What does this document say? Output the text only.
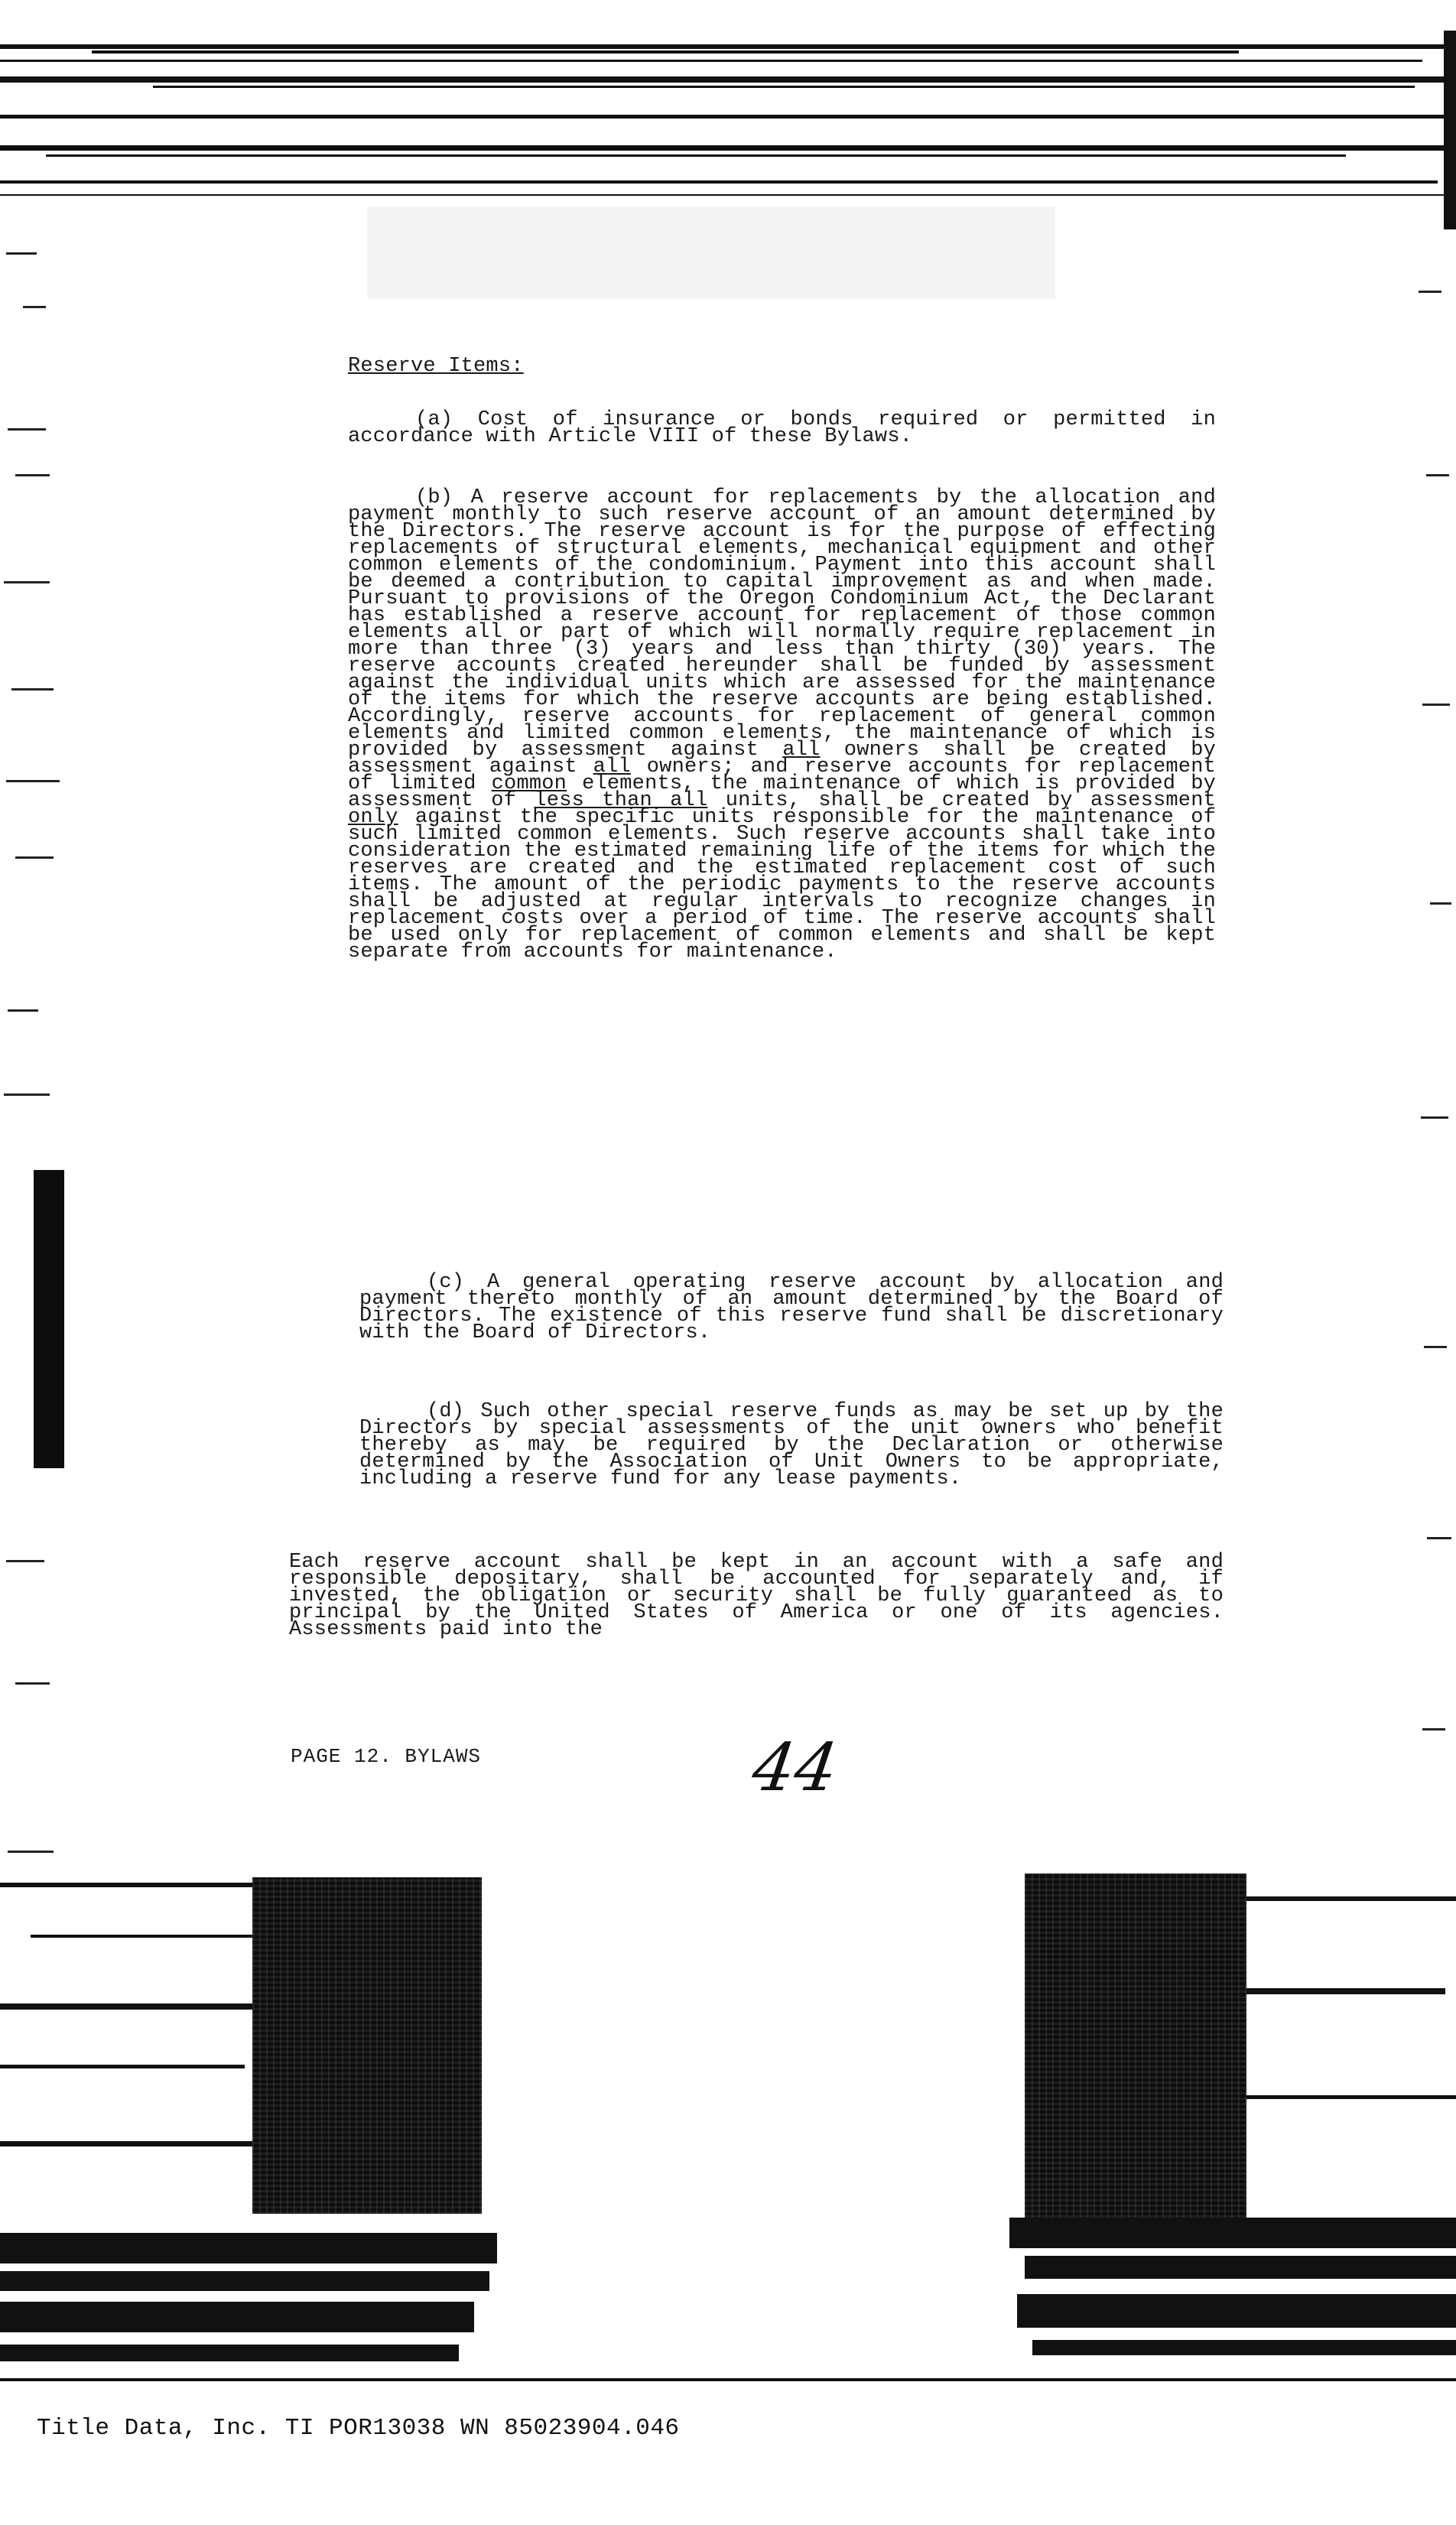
Reserve Items:
(a) Cost of insurance or bonds required or permitted in accordance with Article VIII of these Bylaws.
(b) A reserve account for replacements by the allocation and payment monthly to such reserve account of an amount determined by the Directors. The reserve account is for the purpose of effecting replacements of structural elements, mechanical equipment and other common elements of the condominium. Payment into this account shall be deemed a contribution to capital improvement as and when made. Pursuant to provisions of the Oregon Condominium Act, the Declarant has established a reserve account for replacement of those common elements all or part of which will normally require replacement in more than three (3) years and less than thirty (30) years. The reserve accounts created hereunder shall be funded by assessment against the individual units which are assessed for the maintenance of the items for which the reserve accounts are being established. Accordingly, reserve accounts for replacement of general common elements and limited common elements, the maintenance of which is provided by assessment against all owners shall be created by assessment against all owners; and reserve accounts for replacement of limited common elements, the maintenance of which is provided by assessment of less than all units, shall be created by assessment only against the specific units responsible for the maintenance of such limited common elements. Such reserve accounts shall take into consideration the estimated remaining life of the items for which the reserves are created and the estimated replacement cost of such items. The amount of the periodic payments to the reserve accounts shall be adjusted at regular intervals to recognize changes in replacement costs over a period of time. The reserve accounts shall be used only for replacement of common elements and shall be kept separate from accounts for maintenance.
(c) A general operating reserve account by allocation and payment thereto monthly of an amount determined by the Board of Directors. The existence of this reserve fund shall be discretionary with the Board of Directors.
(d) Such other special reserve funds as may be set up by the Directors by special assessments of the unit owners who benefit thereby as may be required by the Declaration or otherwise determined by the Association of Unit Owners to be appropriate, including a reserve fund for any lease payments.
Each reserve account shall be kept in an account with a safe and responsible depositary, shall be accounted for separately and, if invested, the obligation or security shall be fully guaranteed as to principal by the United States of America or one of its agencies. Assessments paid into the
PAGE 12. BYLAWS	44
Title Data, Inc. TI POR13038 WN 85023904.046
